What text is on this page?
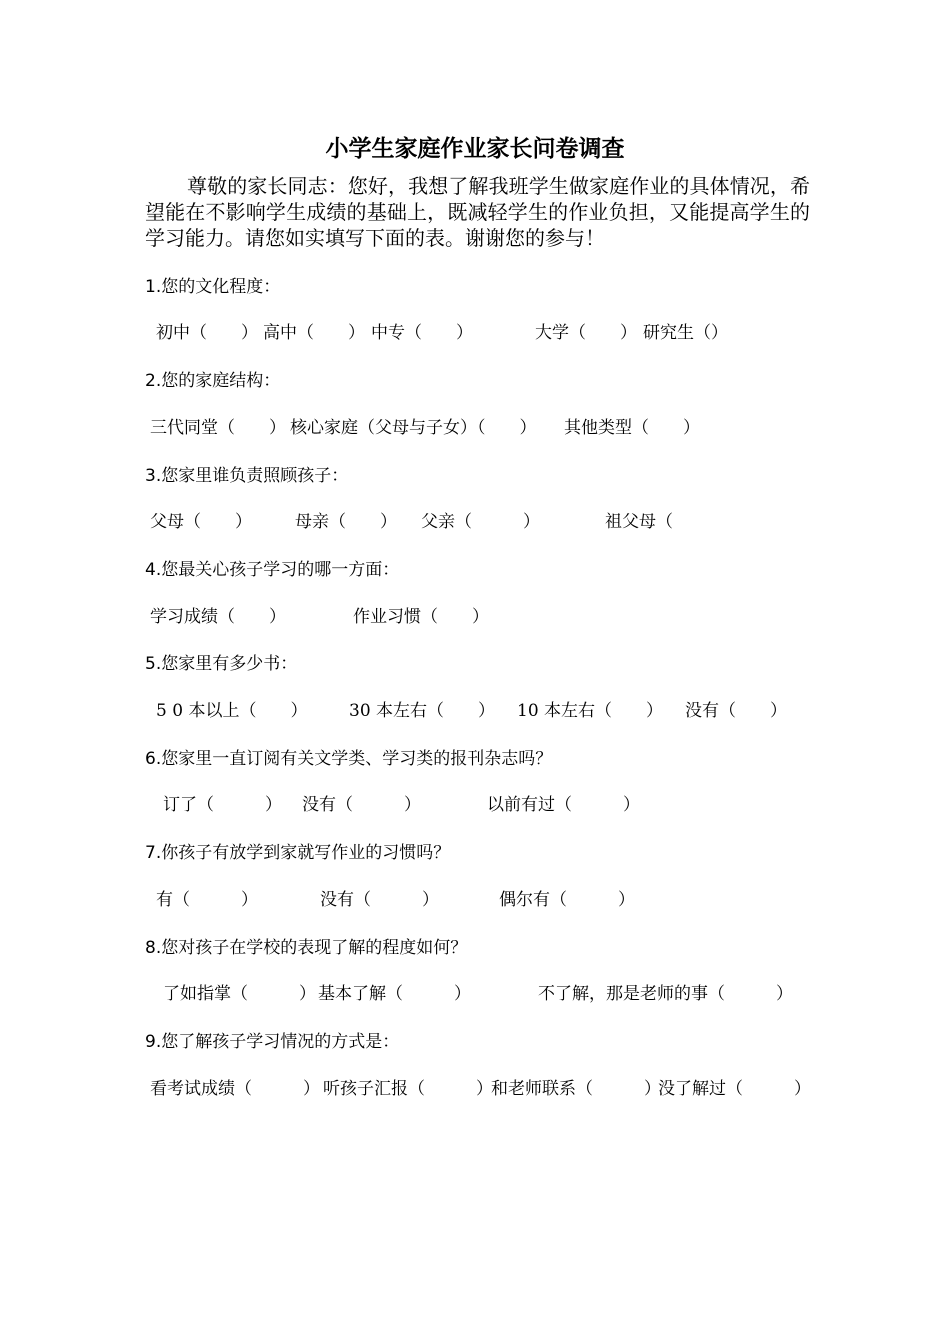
小学生家庭作业家长问卷调查
尊敬的家长同志：您好，我想了解我班学生做家庭作业的具体情况，希望能在不影响学生成绩的基础上，既减轻学生的作业负担，又能提高学生的学习能力。请您如实填写下面的表。谢谢您的参与！
1.您的文化程度：
初中（　　） 高中（　　） 中专（　　）	大学（　　） 研究生（）
2.您的家庭结构：
三代同堂（　　） 核心家庭（父母与子女）（　　） 其他类型（　　）
3.您家里谁负责照顾孩子：
父母（　　）	母亲（　　） 父亲（　　　）	祖父母（
4.您最关心孩子学习的哪一方面：
学习成绩（　　）	作业习惯（　　）
5.您家里有多少书：
5 0 本以上（　　） 30 本左右（　　） 10 本左右（　　） 没有（　　）
6.您家里一直订阅有关文学类、学习类的报刊杂志吗？
订了（　　　） 没有（　　　）	以前有过（　　　）
7.你孩子有放学到家就写作业的习惯吗？
有（　　　）	没有（　　　）	偶尔有（　　　）
8.您对孩子在学校的表现了解的程度如何？
了如指掌（　　　） 基本了解（　　　）	不了解，那是老师的事（　　　）
9.您了解孩子学习情况的方式是：
看考试成绩（　　　） 听孩子汇报（　　　）
和老师联系（　　　）
没了解过（　　　）
